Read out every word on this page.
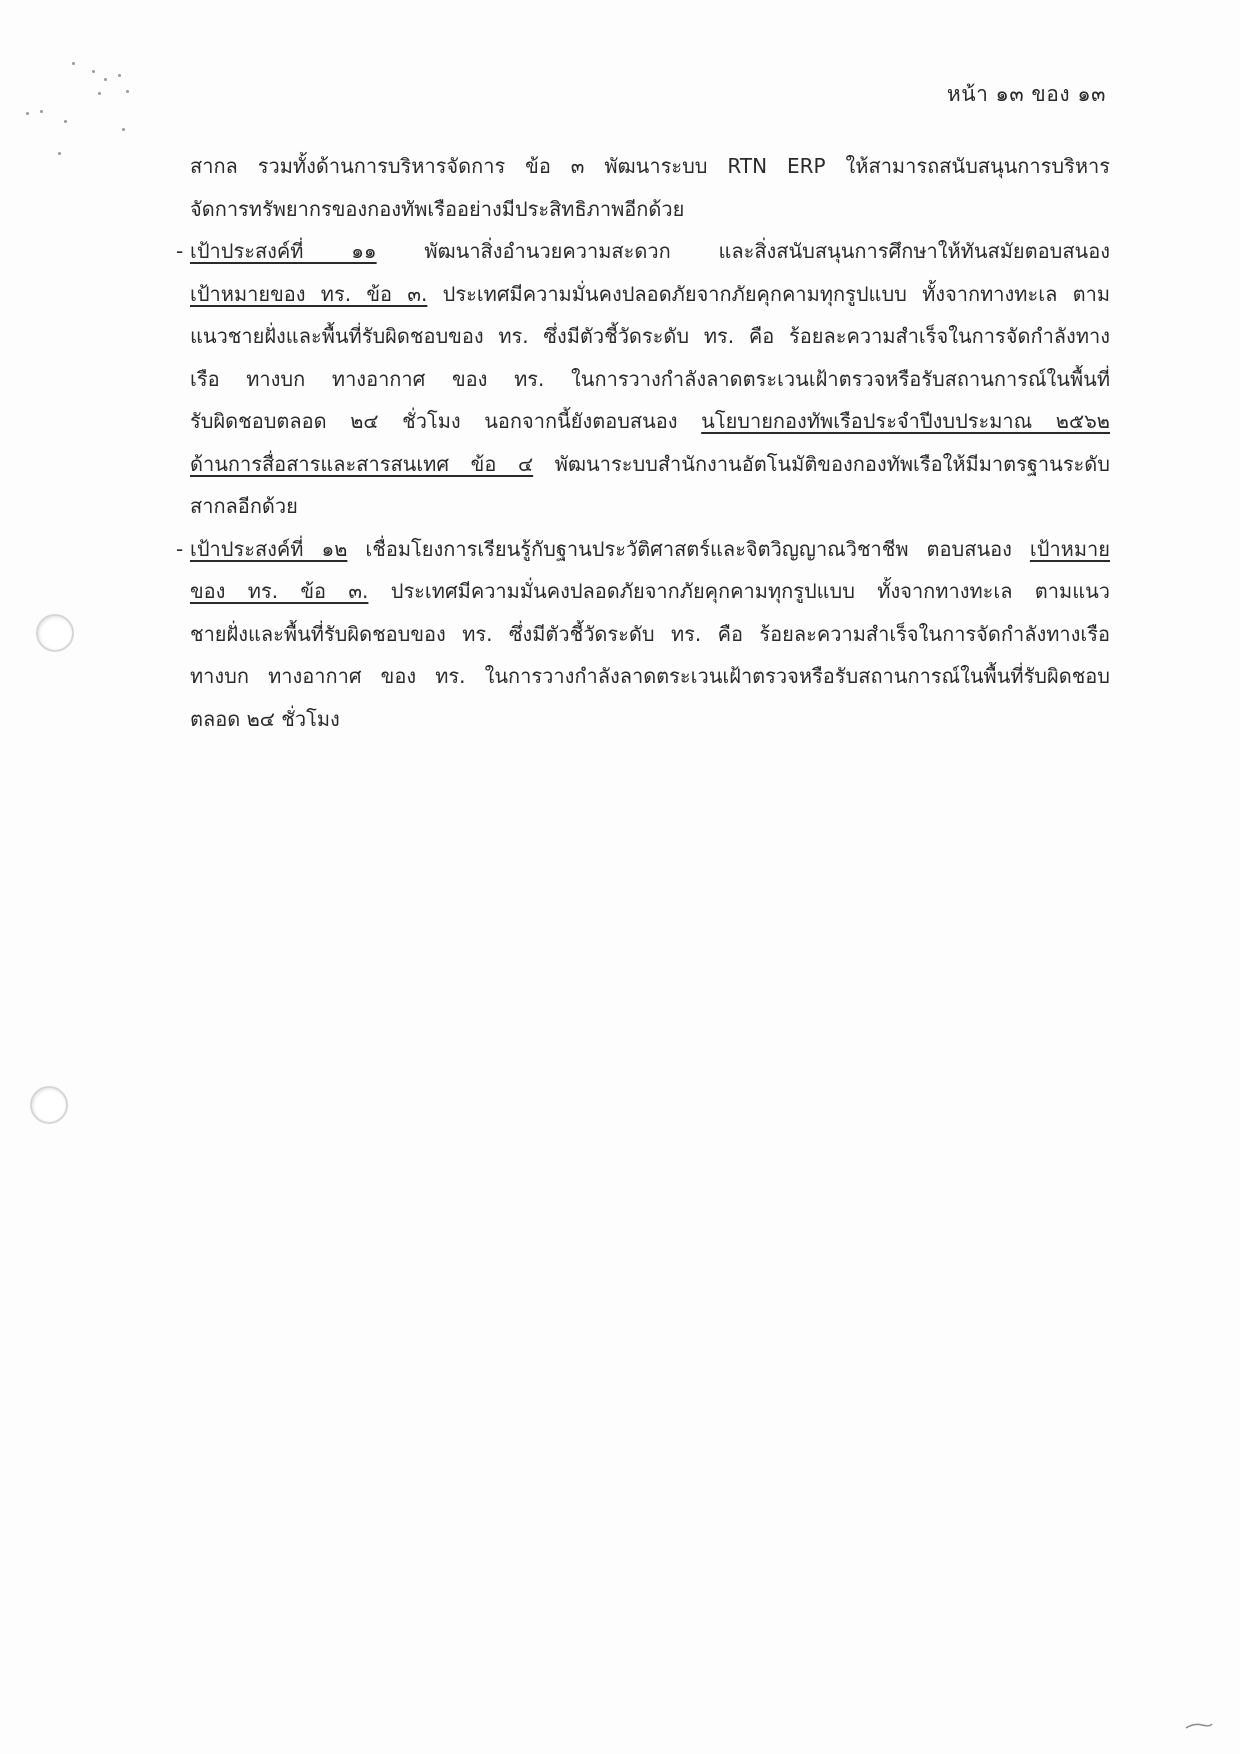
หน้า ๑๓ ของ ๑๓
สากล รวมทั้งด้านการบริหารจัดการ ข้อ ๓ พัฒนาระบบ RTN ERP ให้สามารถสนับสนุนการบริหาร
จัดการทรัพยากรของกองทัพเรืออย่างมีประสิทธิภาพอีกด้วย
- เป้าประสงค์ที่ ๑๑ พัฒนาสิ่งอำนวยความสะดวก และสิ่งสนับสนุนการศึกษาให้ทันสมัยตอบสนอง
เป้าหมายของ ทร. ข้อ ๓. ประเทศมีความมั่นคงปลอดภัยจากภัยคุกคามทุกรูปแบบ ทั้งจากทางทะเล ตาม
แนวชายฝั่งและพื้นที่รับผิดชอบของ ทร. ซึ่งมีตัวชี้วัดระดับ ทร. คือ ร้อยละความสำเร็จในการจัดกำลังทาง
เรือ ทางบก ทางอากาศ ของ ทร. ในการวางกำลังลาดตระเวนเฝ้าตรวจหรือรับสถานการณ์ในพื้นที่
รับผิดชอบตลอด ๒๔ ชั่วโมง นอกจากนี้ยังตอบสนอง นโยบายกองทัพเรือประจำปีงบประมาณ ๒๕๖๒
ด้านการสื่อสารและสารสนเทศ ข้อ ๔ พัฒนาระบบสำนักงานอัตโนมัติของกองทัพเรือให้มีมาตรฐานระดับ
สากลอีกด้วย
- เป้าประสงค์ที่ ๑๒ เชื่อมโยงการเรียนรู้กับฐานประวัติศาสตร์และจิตวิญญาณวิชาชีพ ตอบสนอง เป้าหมาย
ของ ทร. ข้อ ๓. ประเทศมีความมั่นคงปลอดภัยจากภัยคุกคามทุกรูปแบบ ทั้งจากทางทะเล ตามแนว
ชายฝั่งและพื้นที่รับผิดชอบของ ทร. ซึ่งมีตัวชี้วัดระดับ ทร. คือ ร้อยละความสำเร็จในการจัดกำลังทางเรือ
ทางบก ทางอากาศ ของ ทร. ในการวางกำลังลาดตระเวนเฝ้าตรวจหรือรับสถานการณ์ในพื้นที่รับผิดชอบ
ตลอด ๒๔ ชั่วโมง
